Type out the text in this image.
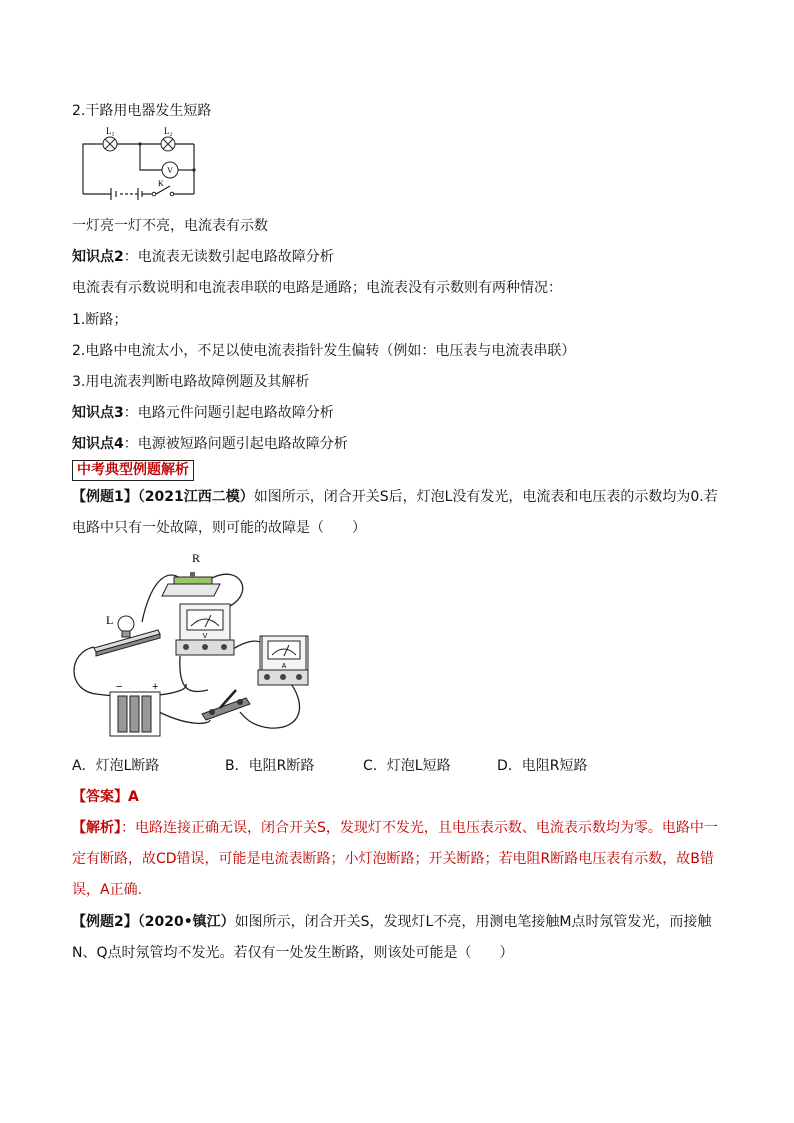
2.干路用电器发生短路
V
L₁	L₂
K
一灯亮一灯不亮，电流表有示数
知识点2：电流表无读数引起电路故障分析
电流表有示数说明和电流表串联的电路是通路；电流表没有示数则有两种情况：
1.断路；
2.电路中电流太小，不足以使电流表指针发生偏转（例如：电压表与电流表串联）
3.用电流表判断电路故障例题及其解析
知识点3：电路元件问题引起电路故障分析
知识点4：电源被短路问题引起电路故障分析
中考典型例题解析
【例题1】（2021江西二模）如图所示，闭合开关S后，灯泡L没有发光，电流表和电压表的示数均为0.若电路中只有一处故障，则可能的故障是（　　）
R
L
−	+
V
A
A．灯泡L断路	B．电阻R断路	C．灯泡L短路	D．电阻R短路
【答案】A
【解析】：电路连接正确无误，闭合开关S，发现灯不发光，且电压表示数、电流表示数均为零。电路中一定有断路，故CD错误，可能是电流表断路；小灯泡断路；开关断路；若电阻R断路电压表有示数，故B错误，A正确.
【例题2】（2020•镇江）如图所示，闭合开关S，发现灯L不亮，用测电笔接触M点时氖管发光，而接触N、Q点时氖管均不发光。若仅有一处发生断路，则该处可能是（　　）
